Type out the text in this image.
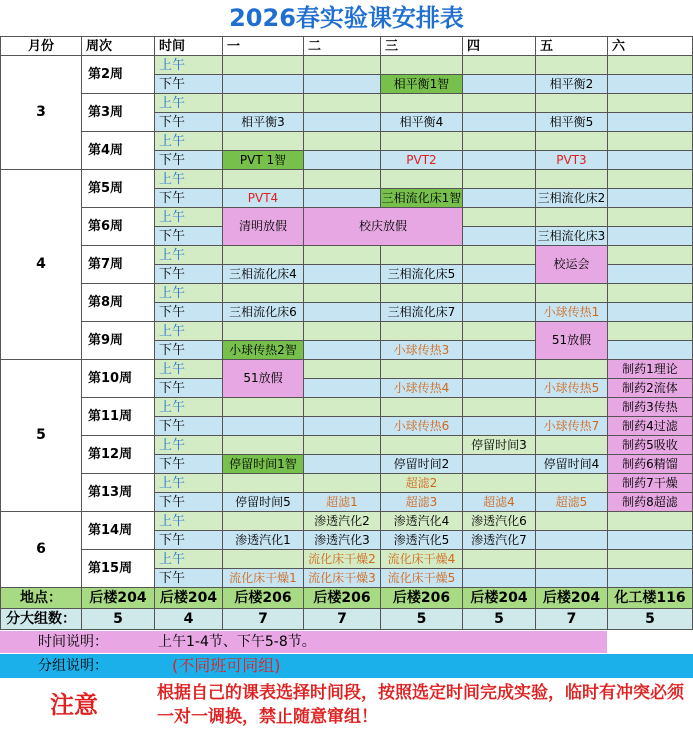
2026春实验课安排表
月份	周次	时间	一	二	三	四	五	六
3	第2周	上午						
		下午			相平衡1智		相平衡2	
	第3周	上午						
		下午	相平衡3		相平衡4		相平衡5	
	第4周	上午						
		下午	PVT 1智		PVT2		PVT3	
4	第5周	上午						
		下午	PVT4		三相流化床1智		三相流化床2	
	第6周	上午	清明放假	校庆放假				
		下午					三相流化床3	
	第7周	上午					校运会	
		下午	三相流化床4		三相流化床5			
	第8周	上午						
		下午	三相流化床6		三相流化床7		小球传热1	
	第9周	上午					51放假	
		下午	小球传热2智		小球传热3			
5	第10周	上午	51放假					制药1理论
		下午			小球传热4		小球传热5	制药2流体
	第11周	上午						制药3传热
		下午			小球传热6		小球传热7	制药4过滤
	第12周	上午				停留时间3		制药5吸收
		下午	停留时间1智		停留时间2		停留时间4	制药6精馏
	第13周	上午			超滤2			制药7干燥
		下午	停留时间5	超滤1	超滤3	超滤4	超滤5	制药8超滤
6	第14周	上午		渗透汽化2	渗透汽化4	渗透汽化6		
		下午	渗透汽化1	渗透汽化3	渗透汽化5	渗透汽化7		
	第15周	上午		流化床干燥2	流化床干燥4			
		下午	流化床干燥1	流化床干燥3	流化床干燥5			
地点：	后楼204	后楼204	后楼206	后楼206	后楼206	后楼204	后楼204	化工楼116
分大组数：	5	4	7	7	5	5	7	5
时间说明：	上午1-4节、下午5-8节。
分组说明：	(不同班可同组)
注意	根据自己的课表选择时间段，按照选定时间完成实验，临时有冲突必须一对一调换，禁止随意窜组！
